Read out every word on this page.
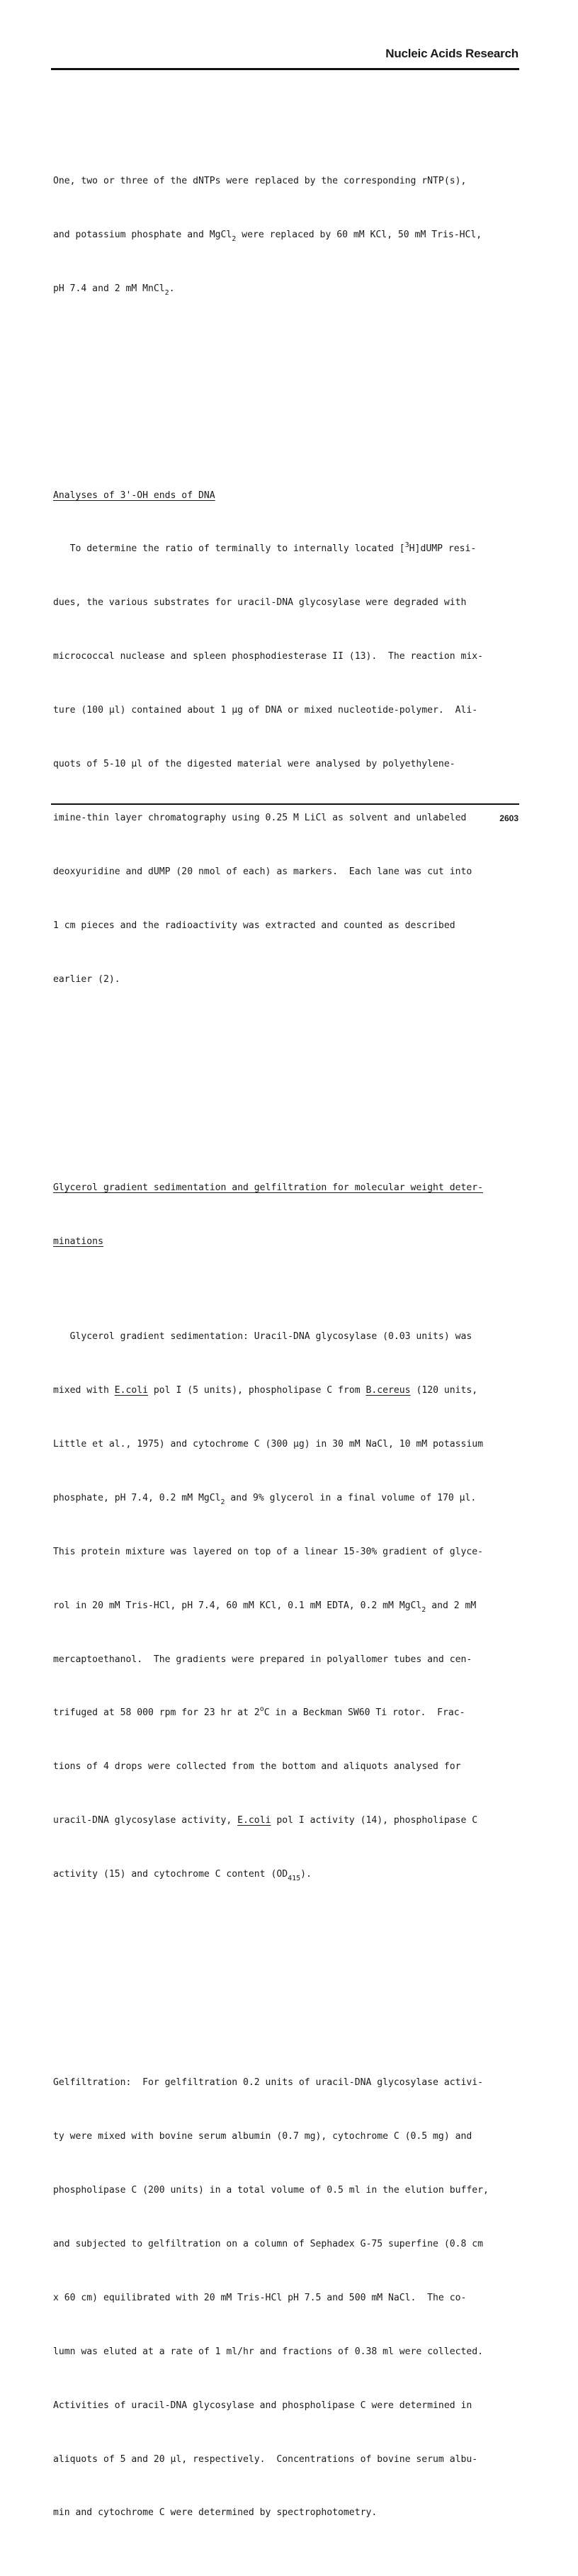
Nucleic Acids Research

One, two or three of the dNTPs were replaced by the corresponding rNTP(s),

and potassium phosphate and MgCl$_2$ were replaced by 60 mM KCl, 50 mM Tris-HCl,

pH 7.4 and 2 mM MnCl$_2$.

Analyses of 3'-OH ends of DNA

To determine the ratio of terminally to internally located [$^3$H]dUMP resi-

dues, the various substrates for uracil-DNA glycosylase were degraded with

micrococcal nuclease and spleen phosphodiesterase II (13).  The reaction mix-

ture (100 µl) contained about 1 µg of DNA or mixed nucleotide-polymer.  Ali-

quots of 5-10 µl of the digested material were analysed by polyethylene-

imine-thin layer chromatography using 0.25 M LiCl as solvent and unlabeled

deoxyuridine and dUMP (20 nmol of each) as markers.  Each lane was cut into

1 cm pieces and the radioactivity was extracted and counted as described

earlier (2).

Glycerol gradient sedimentation and gelfiltration for molecular weight deter-

minations

Glycerol gradient sedimentation: Uracil-DNA glycosylase (0.03 units) was

mixed with E.coli pol I (5 units), phospholipase C from B.cereus (120 units,

Little et al., 1975) and cytochrome C (300 µg) in 30 mM NaCl, 10 mM potassium

phosphate, pH 7.4, 0.2 mM MgCl$_2$ and 9% glycerol in a final volume of 170 µl.

This protein mixture was layered on top of a linear 15-30% gradient of glyce-

rol in 20 mM Tris-HCl, pH 7.4, 60 mM KCl, 0.1 mM EDTA, 0.2 mM MgCl$_2$ and 2 mM

mercaptoethanol.  The gradients were prepared in polyallomer tubes and cen-

trifuged at 58 000 rpm for 23 hr at 2$^o$C in a Beckman SW60 Ti rotor.  Frac-

tions of 4 drops were collected from the bottom and aliquots analysed for

uracil-DNA glycosylase activity, E.coli pol I activity (14), phospholipase C

activity (15) and cytochrome C content $(OD_{415})$.

Gelfiltration:  For gelfiltration 0.2 units of uracil-DNA glycosylase activi-

ty were mixed with bovine serum albumin (0.7 mg), cytochrome C (0.5 mg) and

phospholipase C (200 units) in a total volume of 0.5 ml in the elution buffer,

and subjected to gelfiltration on a column of Sephadex G-75 superfine (0.8 cm

x 60 cm) equilibrated with 20 mM Tris-HCl pH 7.5 and 500 mM NaCl.  The co-

lumn was eluted at a rate of 1 ml/hr and fractions of 0.38 ml were collected.

Activities of uracil-DNA glycosylase and phospholipase C were determined in

aliquots of 5 and 20 µl, respectively.  Concentrations of bovine serum albu-

min and cytochrome C were determined by spectrophotometry.

2603
